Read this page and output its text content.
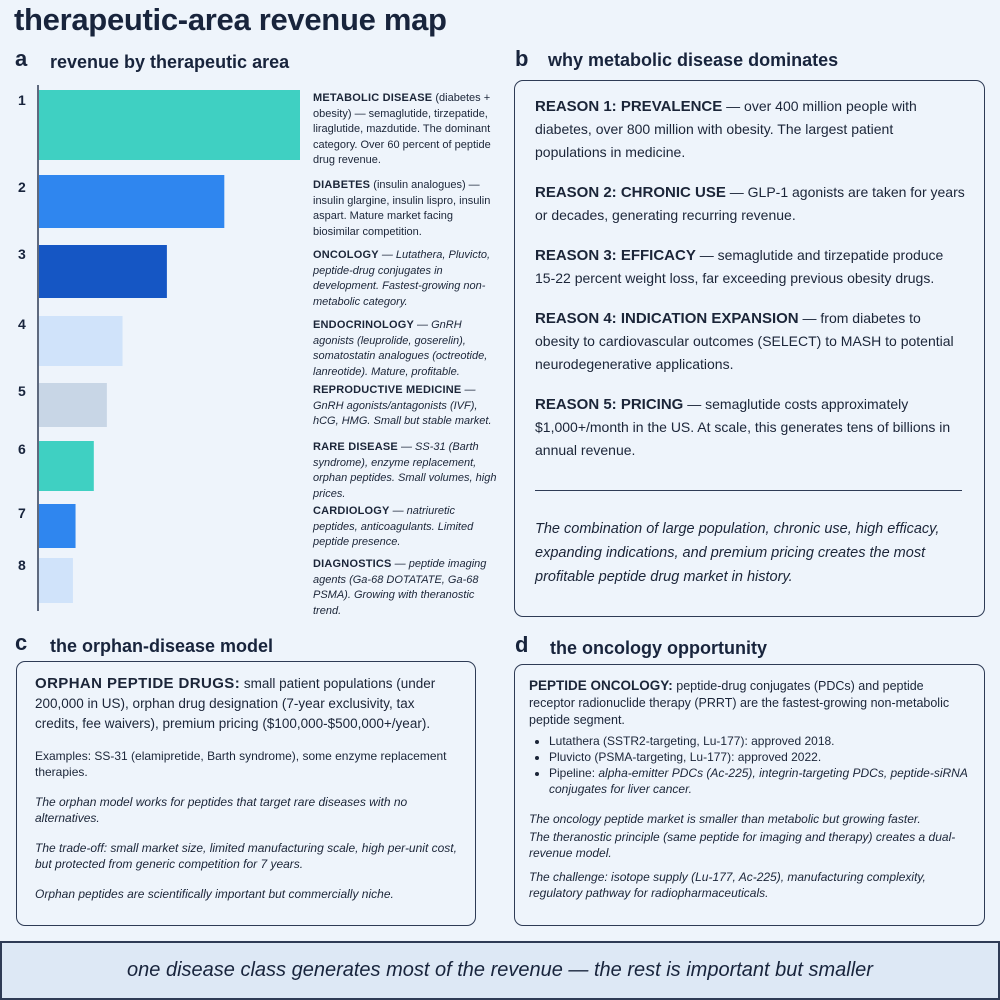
therapeutic-area revenue map
a revenue by therapeutic area
1
2
3
4
5
6
7
8
METABOLIC DISEASE (diabetes + obesity) — semaglutide, tirzepatide, liraglutide, mazdutide. The dominant category. Over 60 percent of peptide drug revenue.
DIABETES (insulin analogues) — insulin glargine, insulin lispro, insulin aspart. Mature market facing biosimilar competition.
ONCOLOGY — Lutathera, Pluvicto, peptide-drug conjugates in development. Fastest-growing non-metabolic category.
ENDOCRINOLOGY — GnRH agonists (leuprolide, goserelin), somatostatin analogues (octreotide, lanreotide). Mature, profitable.
REPRODUCTIVE MEDICINE — GnRH agonists/antagonists (IVF), hCG, HMG. Small but stable market.
RARE DISEASE — SS-31 (Barth syndrome), enzyme replacement, orphan peptides. Small volumes, high prices.
CARDIOLOGY — natriuretic peptides, anticoagulants. Limited peptide presence.
DIAGNOSTICS — peptide imaging agents (Ga-68 DOTATATE, Ga-68 PSMA). Growing with theranostic trend.
b why metabolic disease dominates

REASON 1: PREVALENCE — over 400 million people with diabetes, over 800 million with obesity. The largest patient populations in medicine.

REASON 2: CHRONIC USE — GLP-1 agonists are taken for years or decades, generating recurring revenue.

REASON 3: EFFICACY — semaglutide and tirzepatide produce 15-22 percent weight loss, far exceeding previous obesity drugs.

REASON 4: INDICATION EXPANSION — from diabetes to obesity to cardiovascular outcomes (SELECT) to MASH to potential neurodegenerative applications.

REASON 5: PRICING — semaglutide costs approximately $1,000+/month in the US. At scale, this generates tens of billions in annual revenue.

The combination of large population, chronic use, high efficacy, expanding indications, and premium pricing creates the most profitable peptide drug market in history.

c the orphan-disease model

ORPHAN PEPTIDE DRUGS: small patient populations (under 200,000 in US), orphan drug designation (7-year exclusivity, tax credits, fee waivers), premium pricing ($100,000-$500,000+/year).

Examples: SS-31 (elamipretide, Barth syndrome), some enzyme replacement therapies.

The orphan model works for peptides that target rare diseases with no alternatives.

The trade-off: small market size, limited manufacturing scale, high per-unit cost, but protected from generic competition for 7 years.

Orphan peptides are scientifically important but commercially niche.

d the oncology opportunity

PEPTIDE ONCOLOGY: peptide-drug conjugates (PDCs) and peptide receptor radionuclide therapy (PRRT) are the fastest-growing non-metabolic peptide segment.

• Lutathera (SSTR2-targeting, Lu-177): approved 2018.
• Pluvicto (PSMA-targeting, Lu-177): approved 2022.
• Pipeline: alpha-emitter PDCs (Ac-225), integrin-targeting PDCs, peptide-siRNA conjugates for liver cancer.

The oncology peptide market is smaller than metabolic but growing faster.

The theranostic principle (same peptide for imaging and therapy) creates a dual-revenue model.

The challenge: isotope supply (Lu-177, Ac-225), manufacturing complexity, regulatory pathway for radiopharmaceuticals.

one disease class generates most of the revenue — the rest is important but smaller
